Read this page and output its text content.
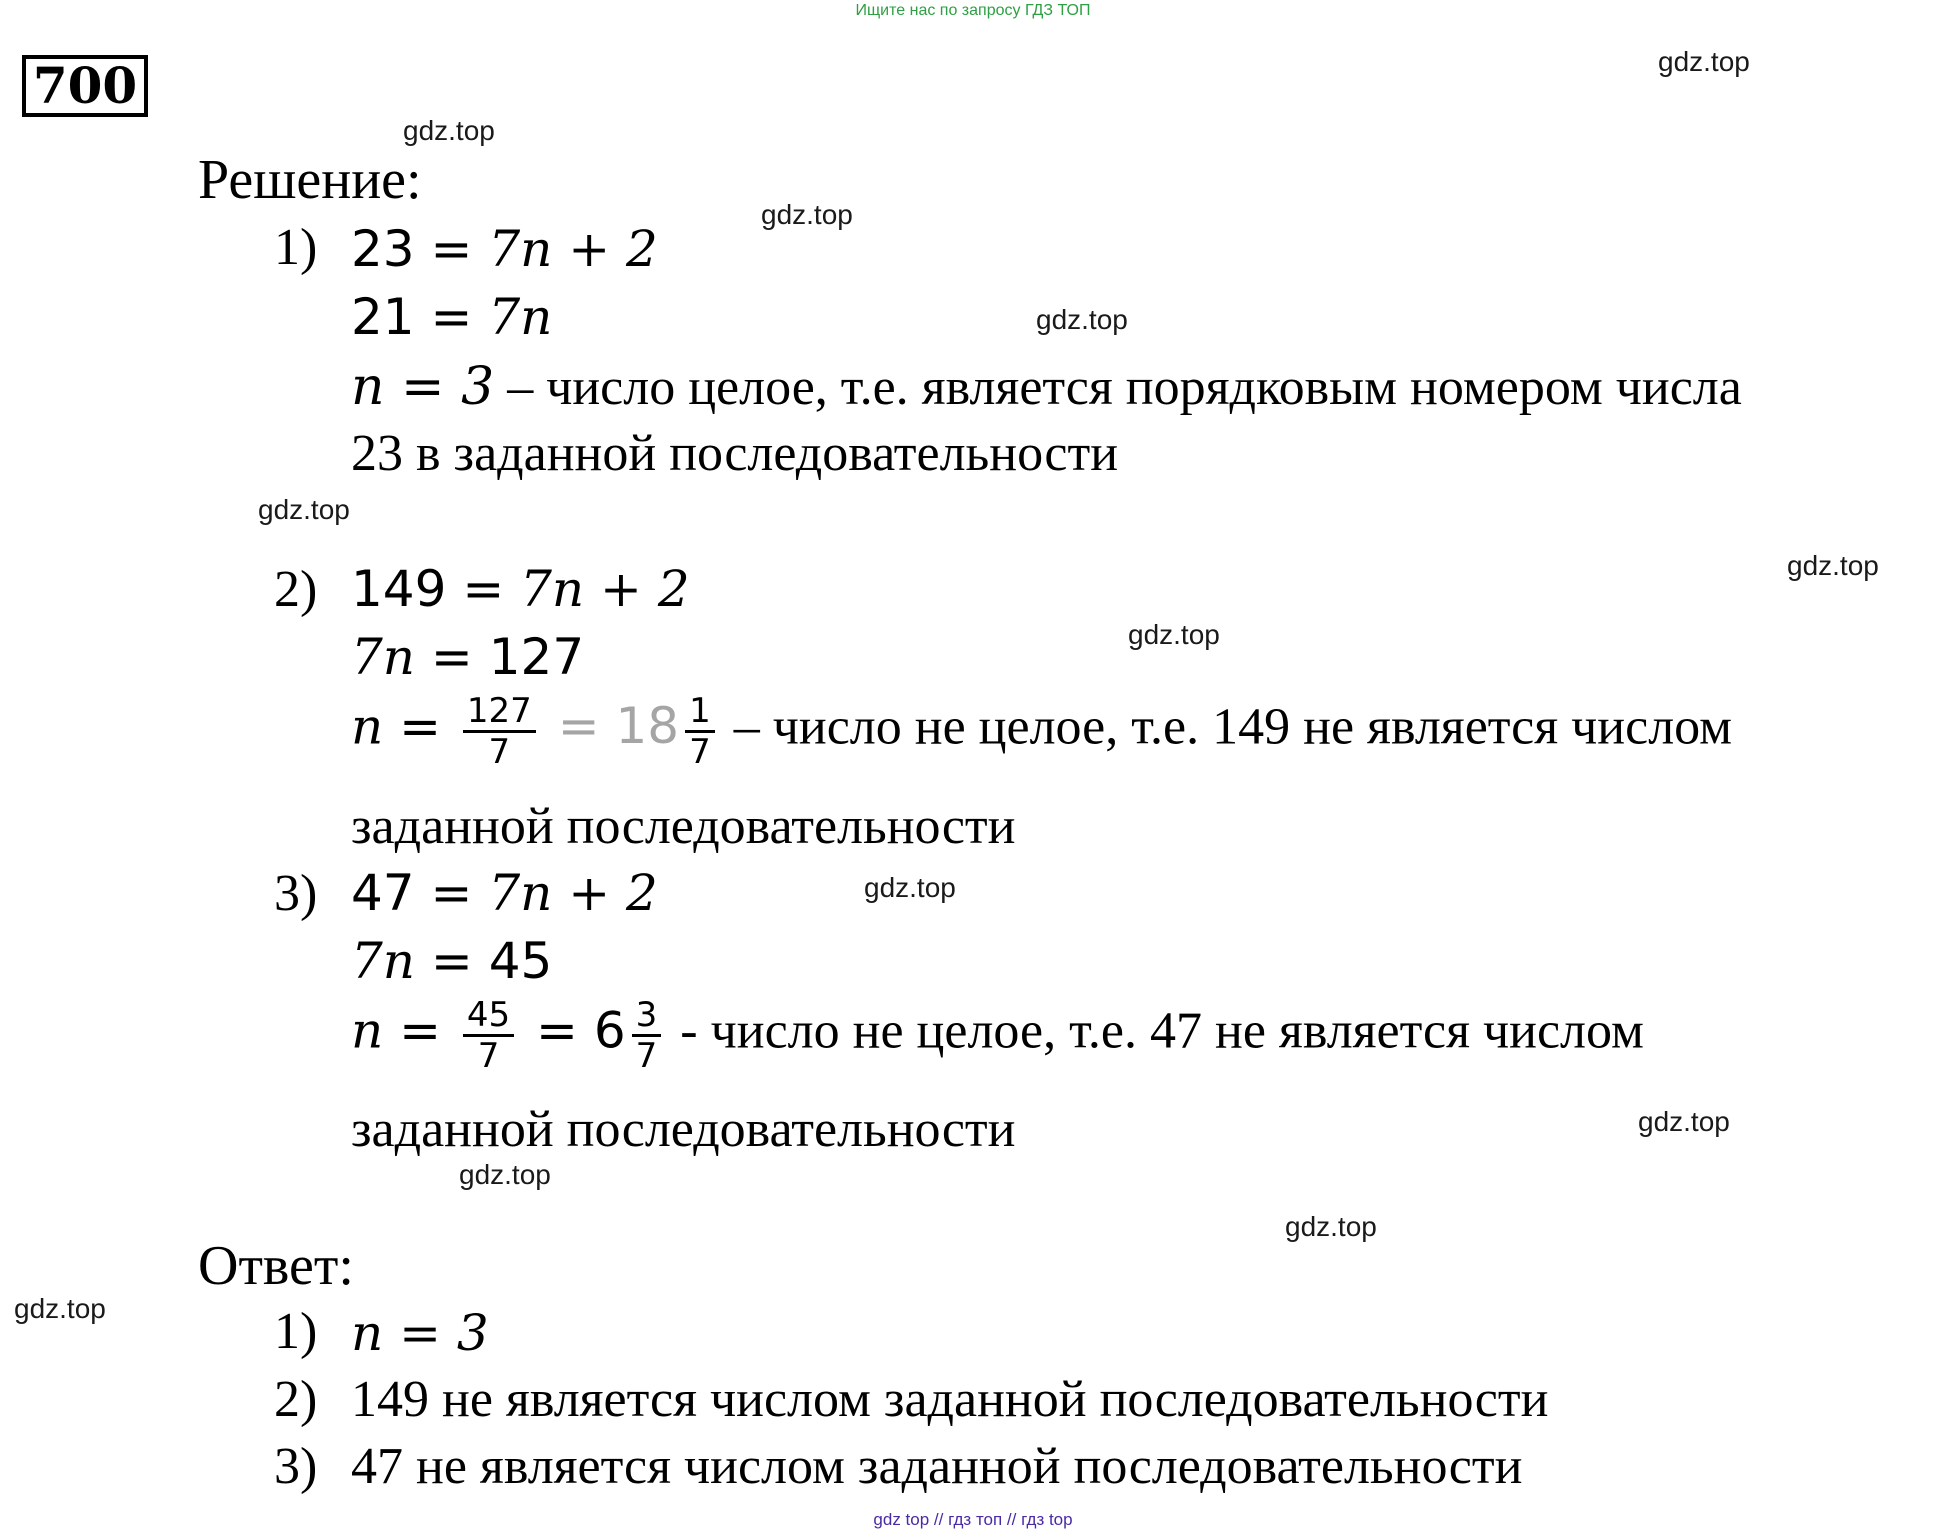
Ищите нас по запросу ГДЗ ТОП
700	gdz.top
gdz.top
gdz.top
gdz.top
gdz.top
gdz.top
gdz.top
gdz.top
gdz.top
gdz.top
gdz.top
gdz.top
Решение:
1) 23 = 7n + 2
21 = 7n
n = 3 – число целое, т.е. является порядковым номером числа
23 в заданной последовательности
2) 149 = 7n + 2
7n = 127
$n = \frac{127}{7} = 18 \frac{1}{7}$ – число не целое, т.е. 149 не является числом
заданной последовательности
3) 47 = 7n + 2
7n = 45
$n = \frac{45}{7} = 6 \frac{3}{7}$ - число не целое, т.е. 47 не является числом
заданной последовательности
Ответ:
1) n = 3
2) 149 не является числом заданной последовательности
3) 47 не является числом заданной последовательности
gdz top // гдз топ // гдз top
